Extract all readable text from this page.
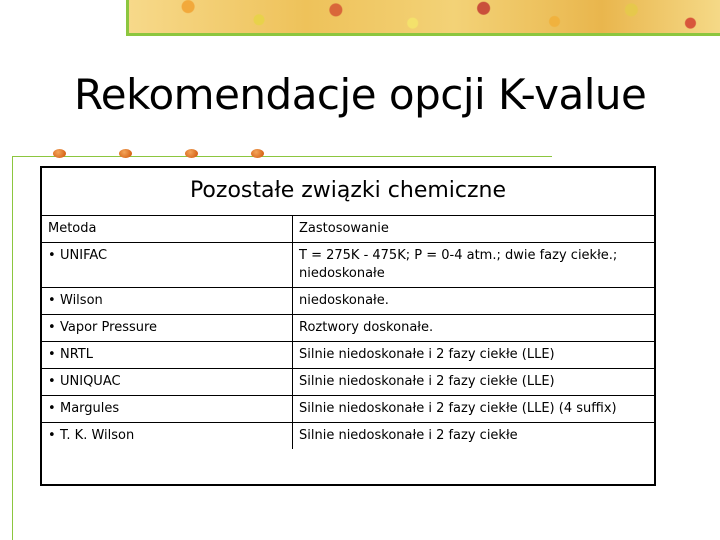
Rekomendacje opcji K-value
Pozostałe związki chemiczne
Metoda	Zastosowanie
• UNIFAC	T = 275K - 475K; P = 0-4 atm.; dwie fazy ciekłe.; niedoskonałe
• Wilson	niedoskonałe.
• Vapor Pressure	Roztwory doskonałe.
• NRTL	Silnie niedoskonałe i 2 fazy ciekłe (LLE)
• UNIQUAC	Silnie niedoskonałe i 2 fazy ciekłe (LLE)
• Margules	Silnie niedoskonałe i 2 fazy ciekłe (LLE) (4 suffix)
• T. K. Wilson	Silnie niedoskonałe i 2 fazy ciekłe
